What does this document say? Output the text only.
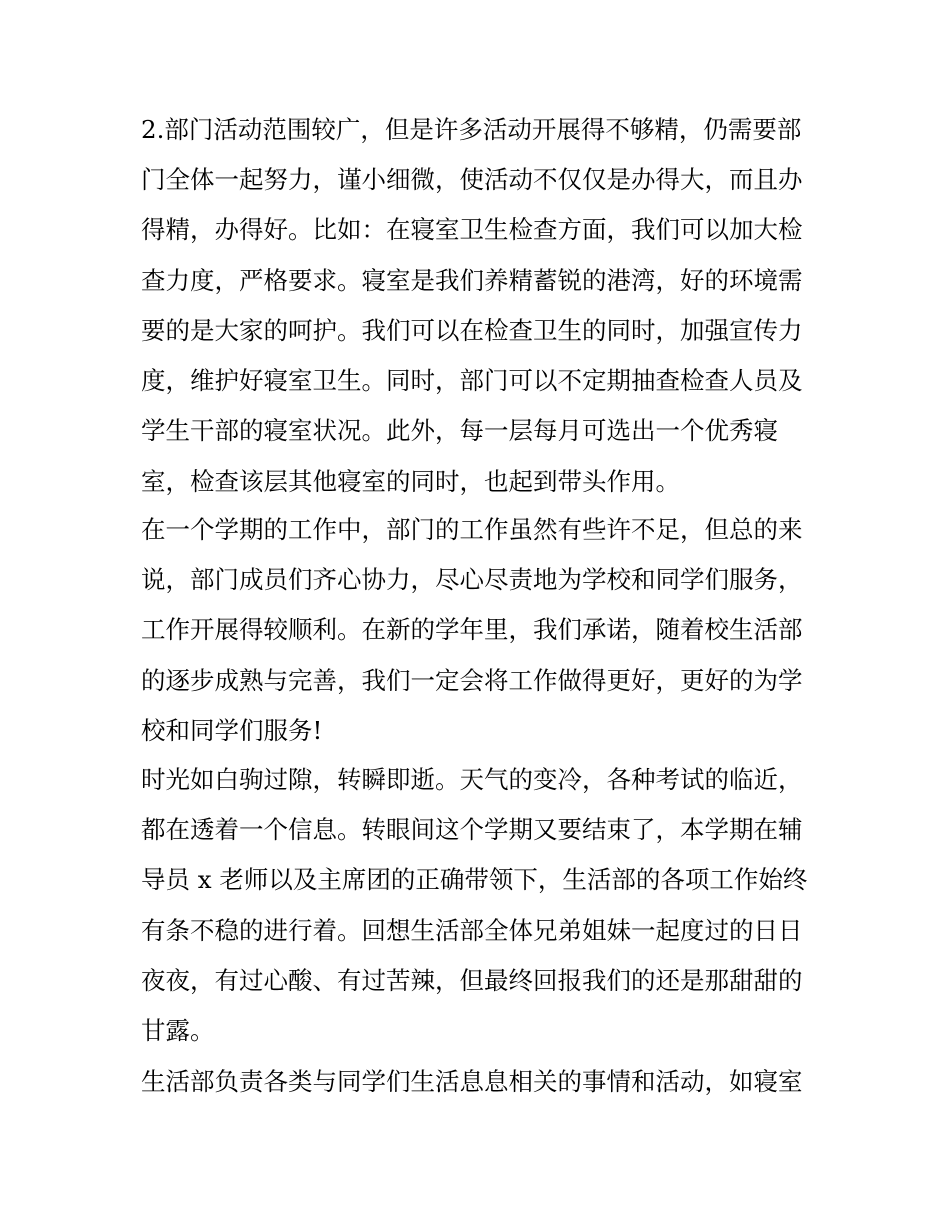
2.部门活动范围较广，但是许多活动开展得不够精，仍需要部
门全体一起努力，谨小细微，使活动不仅仅是办得大，而且办
得精，办得好。比如：在寝室卫生检查方面，我们可以加大检
查力度，严格要求。寝室是我们养精蓄锐的港湾，好的环境需
要的是大家的呵护。我们可以在检查卫生的同时，加强宣传力
度，维护好寝室卫生。同时，部门可以不定期抽查检查人员及
学生干部的寝室状况。此外，每一层每月可选出一个优秀寝
室，检查该层其他寝室的同时，也起到带头作用。
在一个学期的工作中，部门的工作虽然有些许不足，但总的来
说，部门成员们齐心协力，尽心尽责地为学校和同学们服务，
工作开展得较顺利。在新的学年里，我们承诺，随着校生活部
的逐步成熟与完善，我们一定会将工作做得更好，更好的为学
校和同学们服务!
时光如白驹过隙，转瞬即逝。天气的变冷，各种考试的临近，
都在透着一个信息。转眼间这个学期又要结束了，本学期在辅
导员 x 老师以及主席团的正确带领下，生活部的各项工作始终
有条不稳的进行着。回想生活部全体兄弟姐妹一起度过的日日
夜夜，有过心酸、有过苦辣，但最终回报我们的还是那甜甜的
甘露。
生活部负责各类与同学们生活息息相关的事情和活动，如寝室
